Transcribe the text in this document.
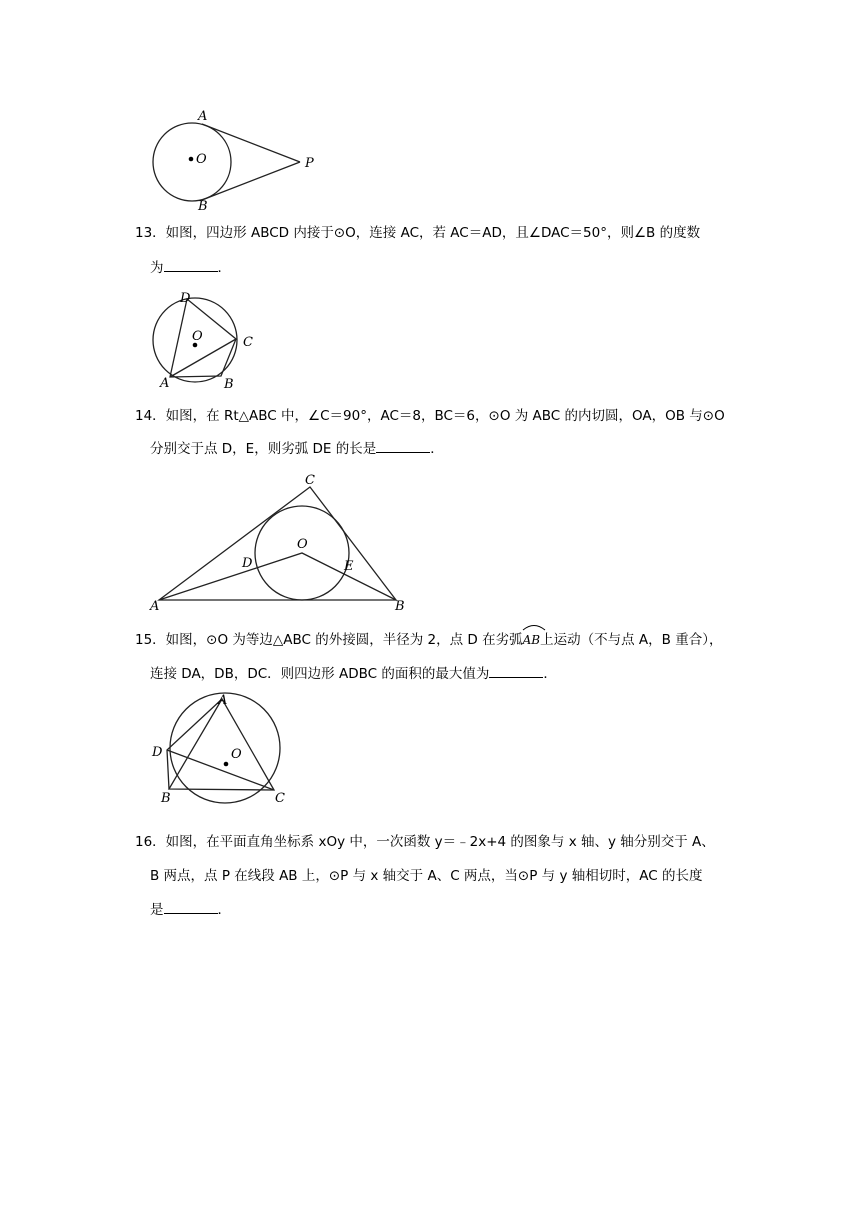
O
A
B
P
13．如图，四边形 ABCD 内接于⊙O，连接 AC，若 AC＝AD，且∠DAC＝50°，则∠B 的度数
为	．
O
D
C
A	B
14．如图，在 Rt△ABC 中，∠C＝90°，AC＝8，BC＝6，⊙O 为 ABC 的内切圆，OA，OB 与⊙O
分别交于点 D，E，则劣弧 DE 的长是	．
C
O
D	E
A	B
15．如图，⊙O 为等边△ABC 的外接圆，半径为 2，点 D 在劣弧
AB上运动（不与点 A，B 重合），
连接 DA，DB，DC．则四边形 ADBC 的面积的最大值为	．
O
A
D
B	C
16．如图，在平面直角坐标系 xOy 中，一次函数 y＝﹣2x+4 的图象与 x 轴、y 轴分别交于 A、
B 两点，点 P 在线段 AB 上，⊙P 与 x 轴交于 A、C 两点，当⊙P 与 y 轴相切时，AC 的长度
是	．
